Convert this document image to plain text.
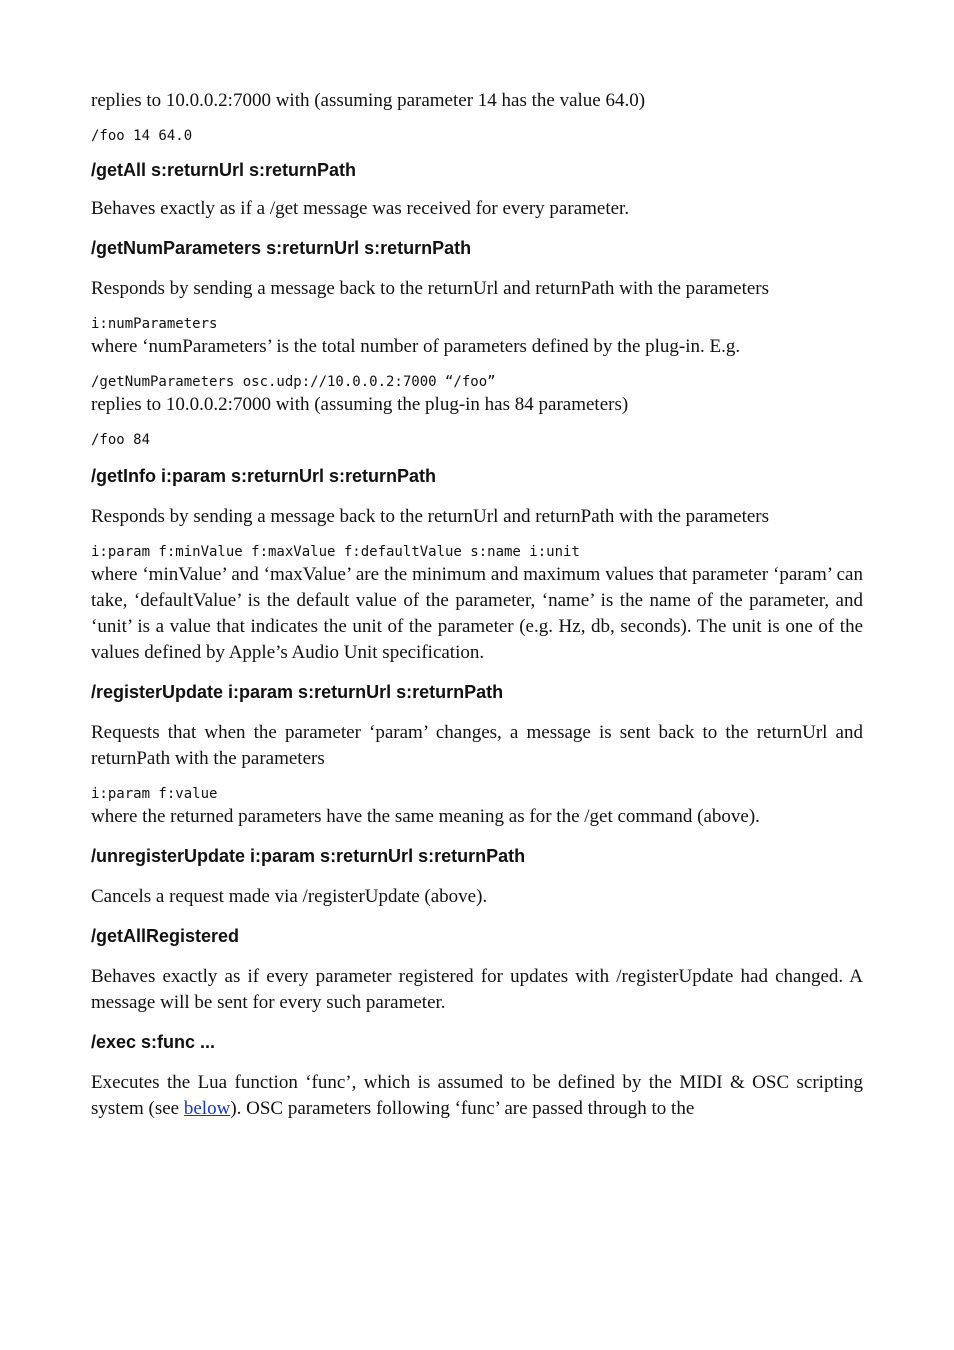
replies to 10.0.0.2:7000 with (assuming parameter 14 has the value 64.0)

/foo 14 64.0
/getAll s:returnUrl s:returnPath

Behaves exactly as if a /get message was received for every parameter.

/getNumParameters s:returnUrl s:returnPath

Responds by sending a message back to the returnUrl and returnPath with the parameters

i:numParameters

where ‘numParameters’ is the total number of parameters defined by the plug-in. E.g.

/getNumParameters osc.udp://10.0.0.2:7000 “/foo”

replies to 10.0.0.2:7000 with (assuming the plug-in has 84 parameters)

/foo 84
/getInfo i:param s:returnUrl s:returnPath

Responds by sending a message back to the returnUrl and returnPath with the parameters

i:param f:minValue f:maxValue f:defaultValue s:name i:unit

where ‘minValue’ and ‘maxValue’ are the minimum and maximum values that parameter ‘param’ can take, ‘defaultValue’ is the default value of the parameter, ‘name’ is the name of the parameter, and ‘unit’ is a value that indicates the unit of the parameter (e.g. Hz, db, seconds). The unit is one of the values defined by Apple’s Audio Unit specification.

/registerUpdate i:param s:returnUrl s:returnPath

Requests that when the parameter ‘param’ changes, a message is sent back to the returnUrl and returnPath with the parameters

i:param f:value

where the returned parameters have the same meaning as for the /get command (above).

/unregisterUpdate i:param s:returnUrl s:returnPath

Cancels a request made via /registerUpdate (above).

/getAllRegistered

Behaves exactly as if every parameter registered for updates with /registerUpdate had changed. A message will be sent for every such parameter.

/exec s:func ...

Executes the Lua function ‘func’, which is assumed to be defined by the MIDI & OSC scripting system (see below). OSC parameters following ‘func’ are passed through to the
